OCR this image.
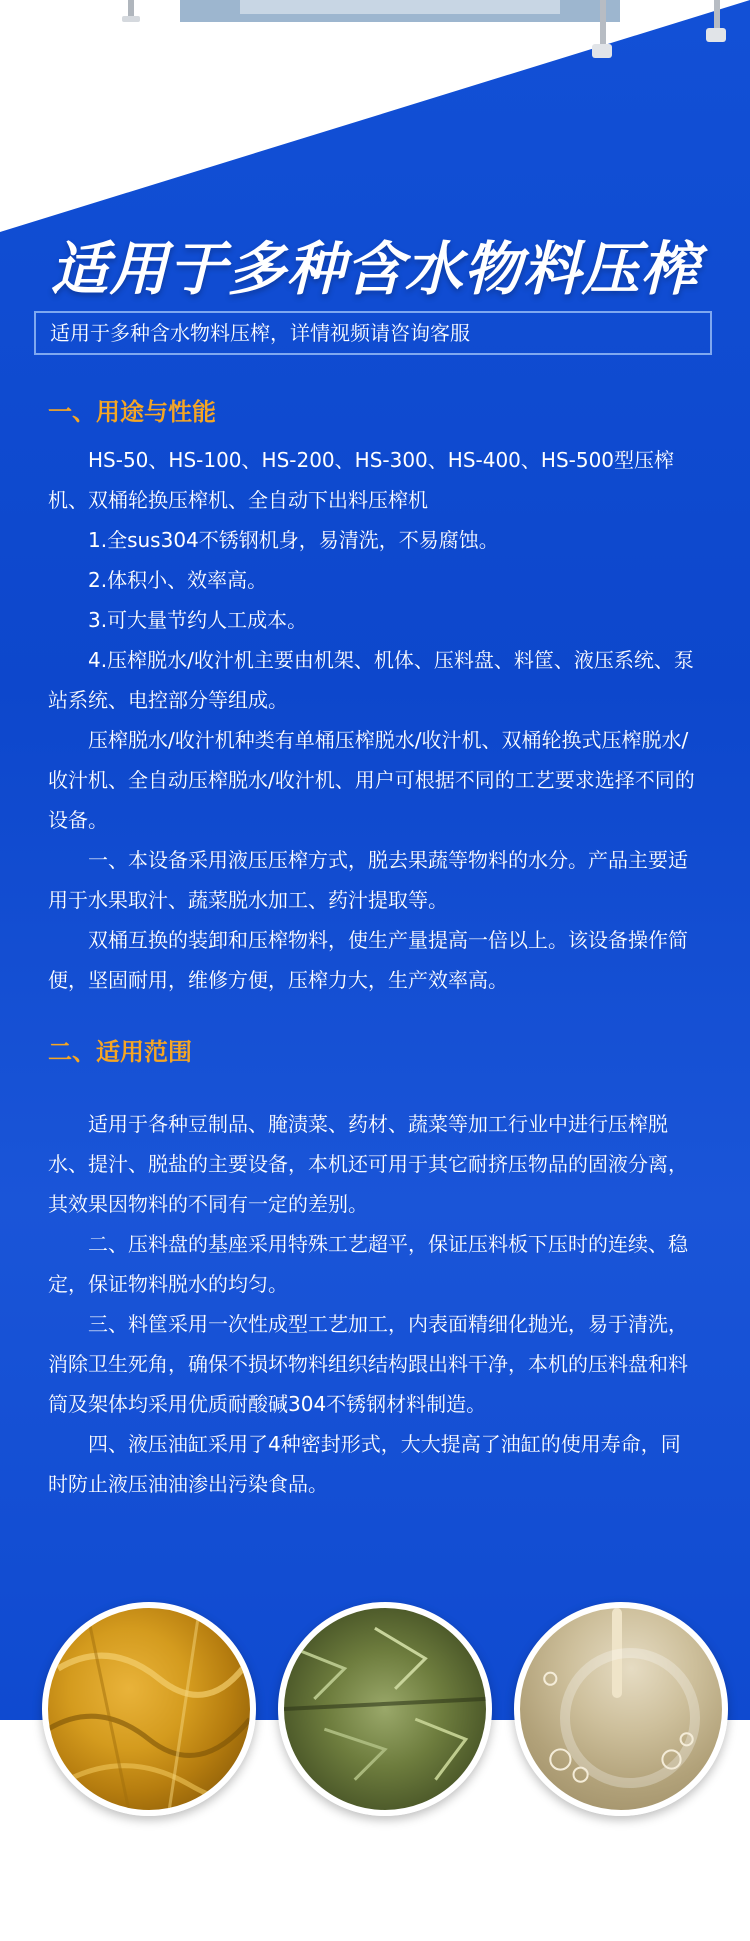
适用于多种含水物料压榨
适用于多种含水物料压榨，详情视频请咨询客服
一、用途与性能

HS-50、HS-100、HS-200、HS-300、HS-400、HS-500型压榨机、双桶轮换压榨机、全自动下出料压榨机

1.全sus304不锈钢机身，易清洗，不易腐蚀。

2.体积小、效率高。

3.可大量节约人工成本。

4.压榨脱水/收汁机主要由机架、机体、压料盘、料筐、液压系统、泵站系统、电控部分等组成。

压榨脱水/收汁机种类有单桶压榨脱水/收汁机、双桶轮换式压榨脱水/收汁机、全自动压榨脱水/收汁机、用户可根据不同的工艺要求选择不同的设备。

一、本设备采用液压压榨方式，脱去果蔬等物料的水分。产品主要适用于水果取汁、蔬菜脱水加工、药汁提取等。

双桶互换的装卸和压榨物料，使生产量提高一倍以上。该设备操作简便，坚固耐用，维修方便，压榨力大，生产效率高。

二、适用范围

适用于各种豆制品、腌渍菜、药材、蔬菜等加工行业中进行压榨脱水、提汁、脱盐的主要设备，本机还可用于其它耐挤压物品的固液分离，其效果因物料的不同有一定的差别。

二、压料盘的基座采用特殊工艺超平，保证压料板下压时的连续、稳定，保证物料脱水的均匀。

三、料筐采用一次性成型工艺加工，内表面精细化抛光，易于清洗，消除卫生死角，确保不损坏物料组织结构跟出料干净，本机的压料盘和料筒及架体均采用优质耐酸碱304不锈钢材料制造。

四、液压油缸采用了4种密封形式，大大提高了油缸的使用寿命，同时防止液压油油渗出污染食品。
